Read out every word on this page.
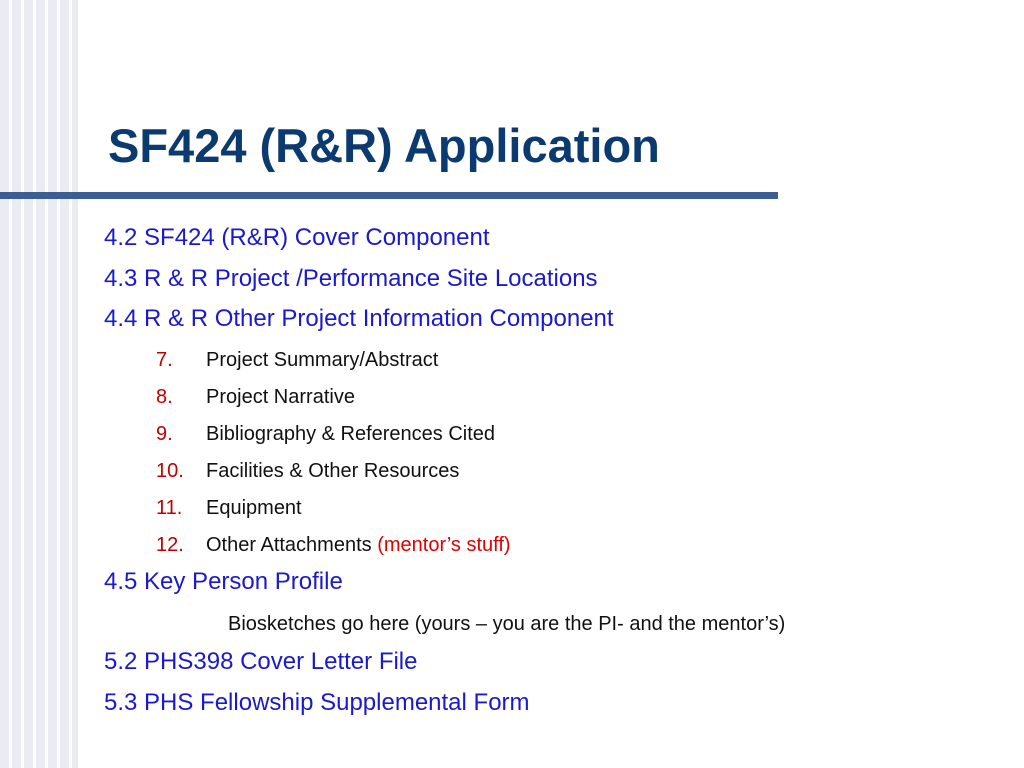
SF424 (R&R) Application
4.2 SF424 (R&R) Cover Component
4.3 R & R Project /Performance Site Locations
4.4 R & R Other Project Information Component
7. Project Summary/Abstract
8. Project Narrative
9. Bibliography & References Cited
10. Facilities & Other Resources
11. Equipment
12. Other Attachments (mentor’s stuff)
4.5 Key Person Profile
Biosketches go here (yours – you are the PI- and the mentor’s)
5.2 PHS398 Cover Letter File
5.3 PHS Fellowship Supplemental Form
